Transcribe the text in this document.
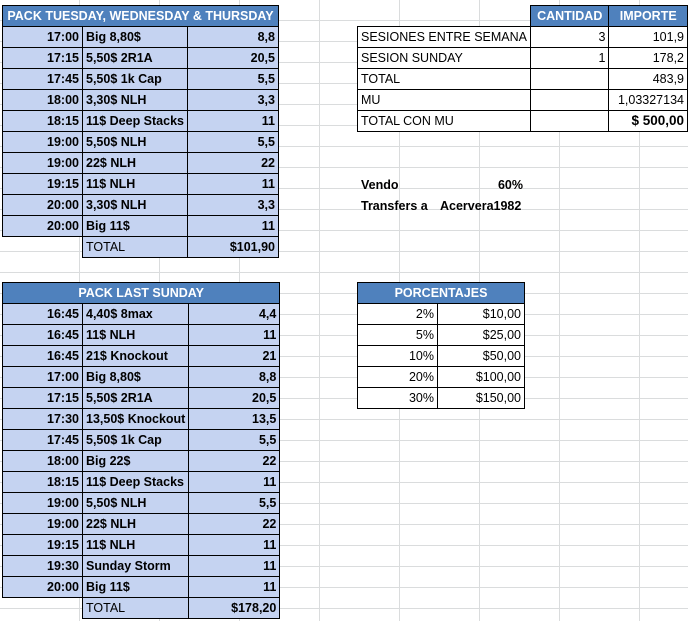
PACK TUESDAY, WEDNESDAY & THURSDAY		
17:00	Big 8,80$	8,8
17:15	5,50$ 2R1A	20,5
17:45	5,50$ 1k Cap	5,5
18:00	3,30$ NLH	3,3
18:15	11$ Deep Stacks	11
19:00	5,50$ NLH	5,5
19:00	22$ NLH	22
19:15	11$ NLH	11
20:00	3,30$ NLH	3,3
20:00	Big 11$	11
	TOTAL	$101,90
PACK LAST SUNDAY		
16:45	4,40$ 8max	4,4
16:45	11$ NLH	11
16:45	21$ Knockout	21
17:00	Big 8,80$	8,8
17:15	5,50$ 2R1A	20,5
17:30	13,50$ Knockout	13,5
17:45	5,50$ 1k Cap	5,5
18:00	Big 22$	22
18:15	11$ Deep Stacks	11
19:00	5,50$ NLH	5,5
19:00	22$ NLH	22
19:15	11$ NLH	11
19:30	Sunday Storm	11
20:00	Big 11$	11
	TOTAL	$178,20
	CANTIDAD	IMPORTE
SESIONES ENTRE SEMANA	3	101,9
SESION SUNDAY	1	178,2
TOTAL		483,9
MU		1,03327134
TOTAL CON MU		$ 500,00
Vendo	60%
Transfers a Acervera1982
PORCENTAJES	
2%	$10,00
5%	$25,00
10%	$50,00
20%	$100,00
30%	$150,00
